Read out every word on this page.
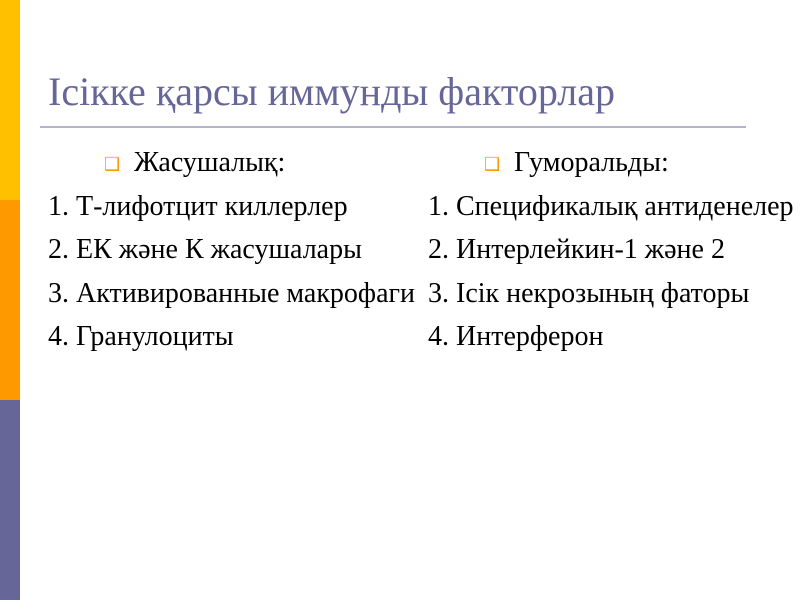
Ісікке қарсы иммунды факторлар
❑ Жасушалық:
1. Т-лифотцит киллерлер
2. ЕК және К жасушалары
3. Активированные макрофаги
4. Гранулоциты
❑ Гуморальды:
1. Спецификалық антиденелер
2. Интерлейкин-1 және 2
3. Ісік некрозының фаторы
4. Интерферон
